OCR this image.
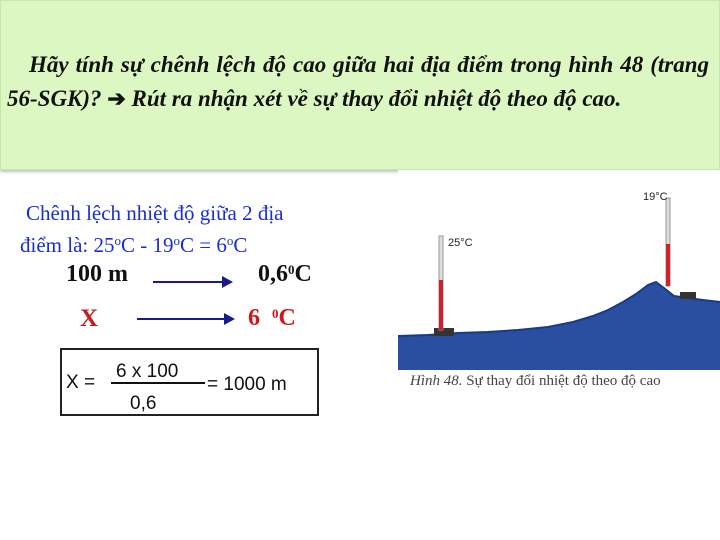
Hãy tính sự chênh lệch độ cao giữa hai địa điểm trong hình 48 (trang 56-SGK)? ➔ Rút ra nhận xét về sự thay đổi nhiệt độ theo độ cao.
Chênh lệch nhiệt độ giữa 2 địa
điểm là: $25^oC - 19^oC = 6^oC$
100 m	$0,6^0C$
X	6 $^0$C
X =
6 x 100
0,6
= 1000 m
25°C
19°C
Hình 48. Sự thay đổi nhiệt độ theo độ cao
